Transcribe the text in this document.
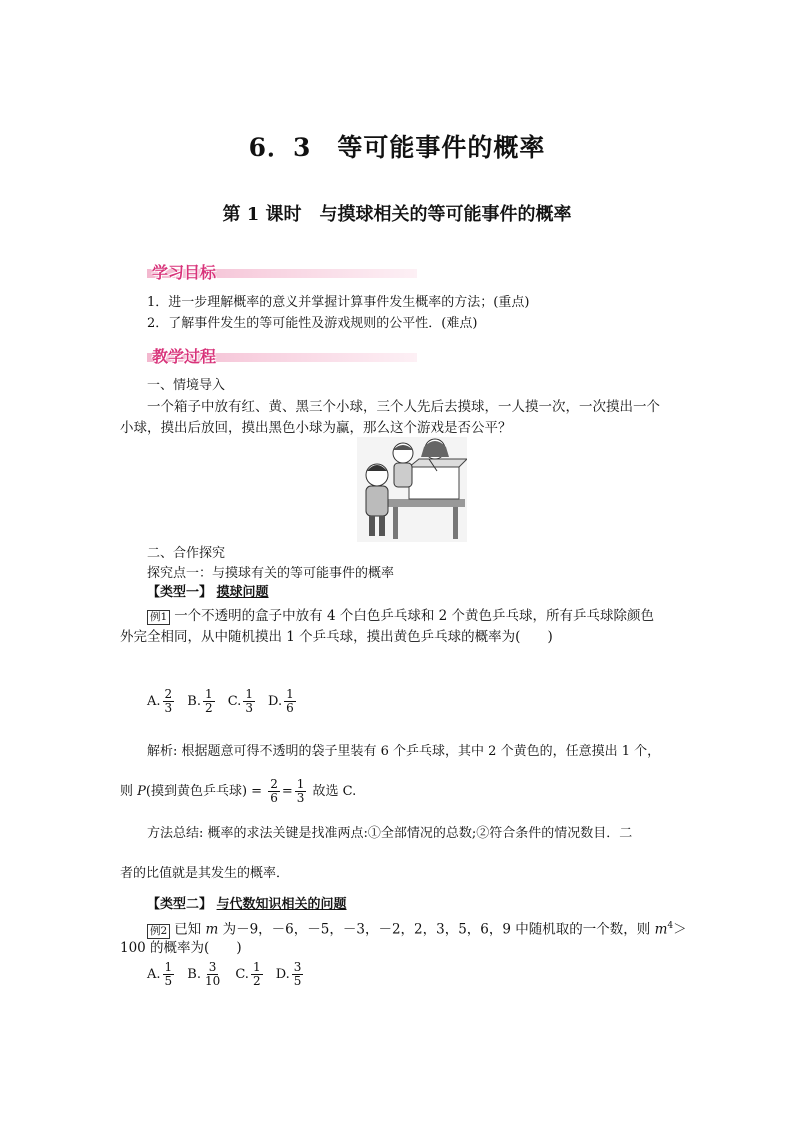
6．3　等可能事件的概率
第 1 课时　与摸球相关的等可能事件的概率
学习目标
1．进一步理解概率的意义并掌握计算事件发生概率的方法；(重点)
2．了解事件发生的等可能性及游戏规则的公平性．(难点)
教学过程
一、情境导入
一个箱子中放有红、黄、黑三个小球，三个人先后去摸球，一人摸一次，一次摸出一个
小球，摸出后放回，摸出黑色小球为赢，那么这个游戏是否公平？
二、合作探究
探究点一：与摸球有关的等可能事件的概率
【类型一】 摸球问题
例1 一个不透明的盒子中放有 4 个白色乒乓球和 2 个黄色乒乓球，所有乒乓球除颜色
外完全相同，从中随机摸出 1 个乒乓球，摸出黄色乒乓球的概率为(　　)
A. $\frac{2}{3} B$. $\frac{1}{2} C$. $\frac{1}{3} D$. $\frac{1}{6}$
解析: 根据题意可得不透明的袋子里装有 6 个乒乓球，其中 2 个黄色的，任意摸出 1 个，
则 P(摸到黄色乒乓球) = $\frac{2}{6} = \frac{1}{3}$ 故选 C.
方法总结: 概率的求法关键是找准两点:①全部情况的总数;②符合条件的情况数目．二
者的比值就是其发生的概率．
【类型二】 与代数知识相关的问题
例2 已知 m 为－9，－6，－5，－3，－2，2，3，5，6，9 中随机取的一个数，则 $m^4>$
100 的概率为(　　)
A. $\frac{1}{5} B$. $\frac{3}{10} C$. $\frac{1}{2} D$. $\frac{3}{5}$
